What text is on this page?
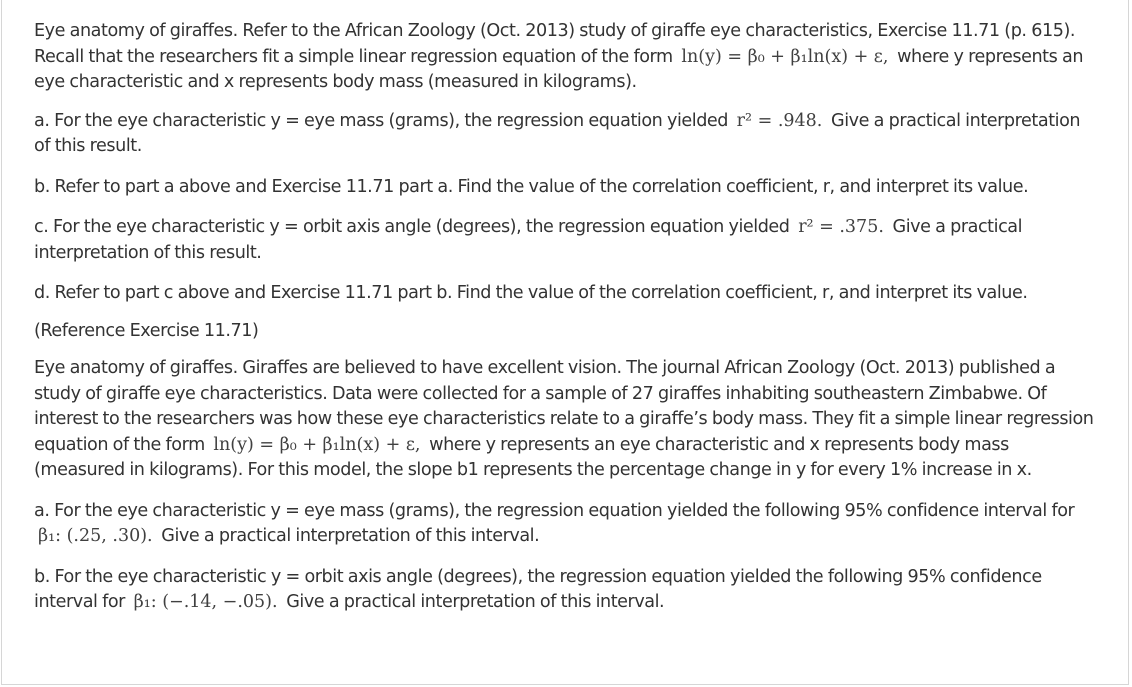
Eye anatomy of giraffes. Refer to the African Zoology (Oct. 2013) study of giraffe eye characteristics, Exercise 11.71 (p. 615). Recall that the researchers fit a simple linear regression equation of the form ln(y) = β₀ + β₁ln(x) + ε, where y represents an eye characteristic and x represents body mass (measured in kilograms).

a. For the eye characteristic y = eye mass (grams), the regression equation yielded r² = .948. Give a practical interpretation of this result.

b. Refer to part a above and Exercise 11.71 part a. Find the value of the correlation coefficient, r, and interpret its value.

c. For the eye characteristic y = orbit axis angle (degrees), the regression equation yielded r² = .375. Give a practical interpretation of this result.

d. Refer to part c above and Exercise 11.71 part b. Find the value of the correlation coefficient, r, and interpret its value.

(Reference Exercise 11.71)

Eye anatomy of giraffes. Giraffes are believed to have excellent vision. The journal African Zoology (Oct. 2013) published a study of giraffe eye characteristics. Data were collected for a sample of 27 giraffes inhabiting southeastern Zimbabwe. Of interest to the researchers was how these eye characteristics relate to a giraffe’s body mass. They fit a simple linear regression equation of the form ln(y) = β₀ + β₁ln(x) + ε, where y represents an eye characteristic and x represents body mass (measured in kilograms). For this model, the slope b1 represents the percentage change in y for every 1% increase in x.

a. For the eye characteristic y = eye mass (grams), the regression equation yielded the following 95% confidence interval for β₁: (.25, .30). Give a practical interpretation of this interval.

b. For the eye characteristic y = orbit axis angle (degrees), the regression equation yielded the following 95% confidence interval for β₁: (−.14, −.05). Give a practical interpretation of this interval.
